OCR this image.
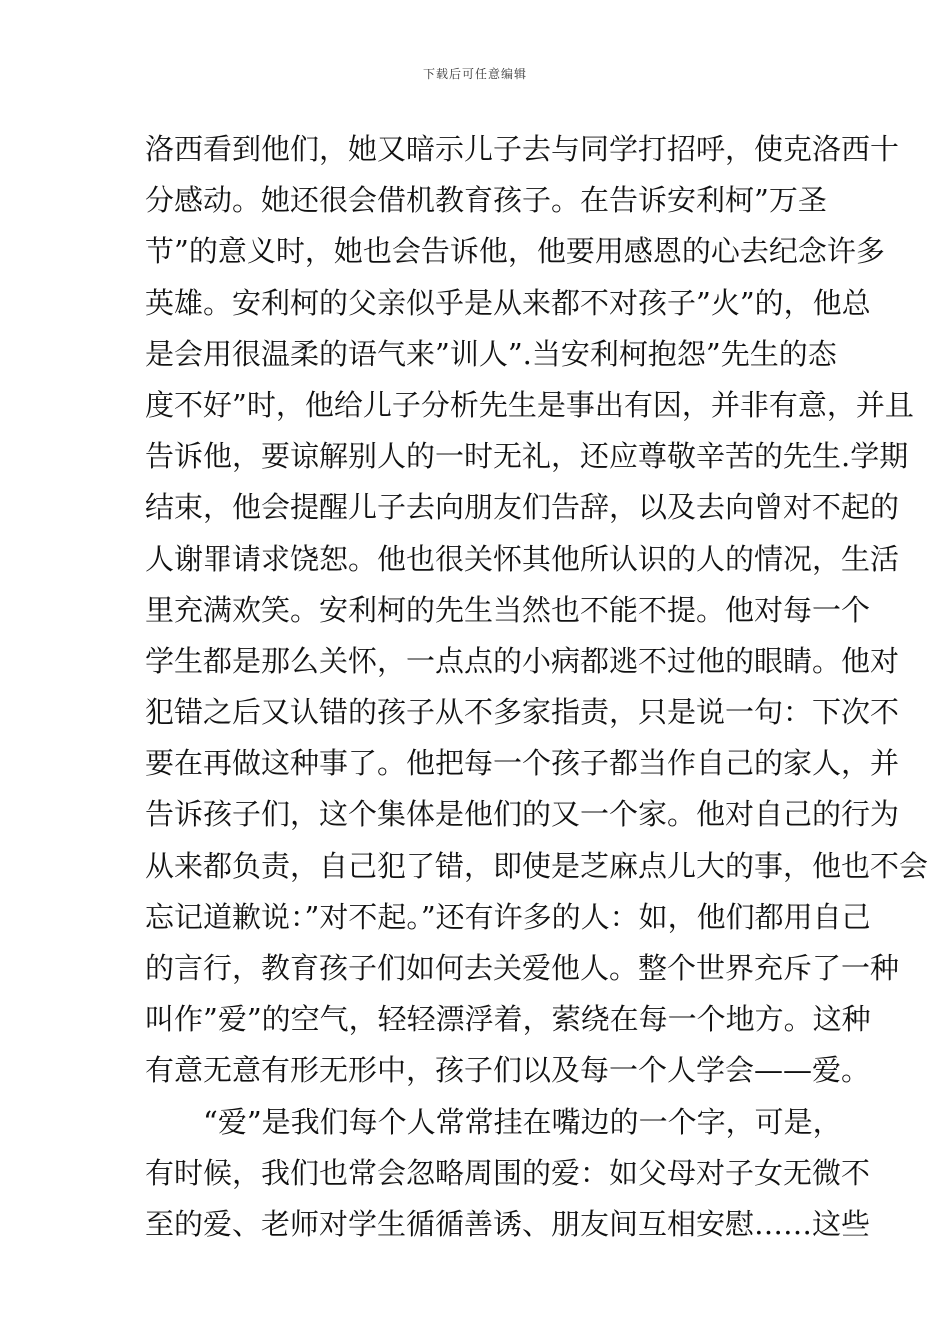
下载后可任意编辑
洛西看到他们，她又暗示儿子去与同学打招呼，使克洛西十
分感动。她还很会借机教育孩子。在告诉安利柯”万圣
节”的意义时，她也会告诉他，他要用感恩的心去纪念许多
英雄。安利柯的父亲似乎是从来都不对孩子”火”的，他总
是会用很温柔的语气来”训人”.当安利柯抱怨”先生的态
度不好”时，他给儿子分析先生是事出有因，并非有意，并且
告诉他，要谅解别人的一时无礼，还应尊敬辛苦的先生.学期
结束，他会提醒儿子去向朋友们告辞，以及去向曾对不起的
人谢罪请求饶恕。他也很关怀其他所认识的人的情况，生活
里充满欢笑。安利柯的先生当然也不能不提。他对每一个
学生都是那么关怀，一点点的小病都逃不过他的眼睛。他对
犯错之后又认错的孩子从不多家指责，只是说一句：下次不
要在再做这种事了。他把每一个孩子都当作自己的家人，并
告诉孩子们，这个集体是他们的又一个家。他对自己的行为
从来都负责，自己犯了错，即使是芝麻点儿大的事，他也不会
忘记道歉说：”对不起。”还有许多的人：如，他们都用自己
的言行，教育孩子们如何去关爱他人。整个世界充斥了一种
叫作”爱”的空气，轻轻漂浮着，萦绕在每一个地方。这种
有意无意有形无形中，孩子们以及每一个人学会——爱。
“爱”是我们每个人常常挂在嘴边的一个字，可是，
有时候，我们也常会忽略周围的爱：如父母对子女无微不
至的爱、老师对学生循循善诱、朋友间互相安慰……这些
